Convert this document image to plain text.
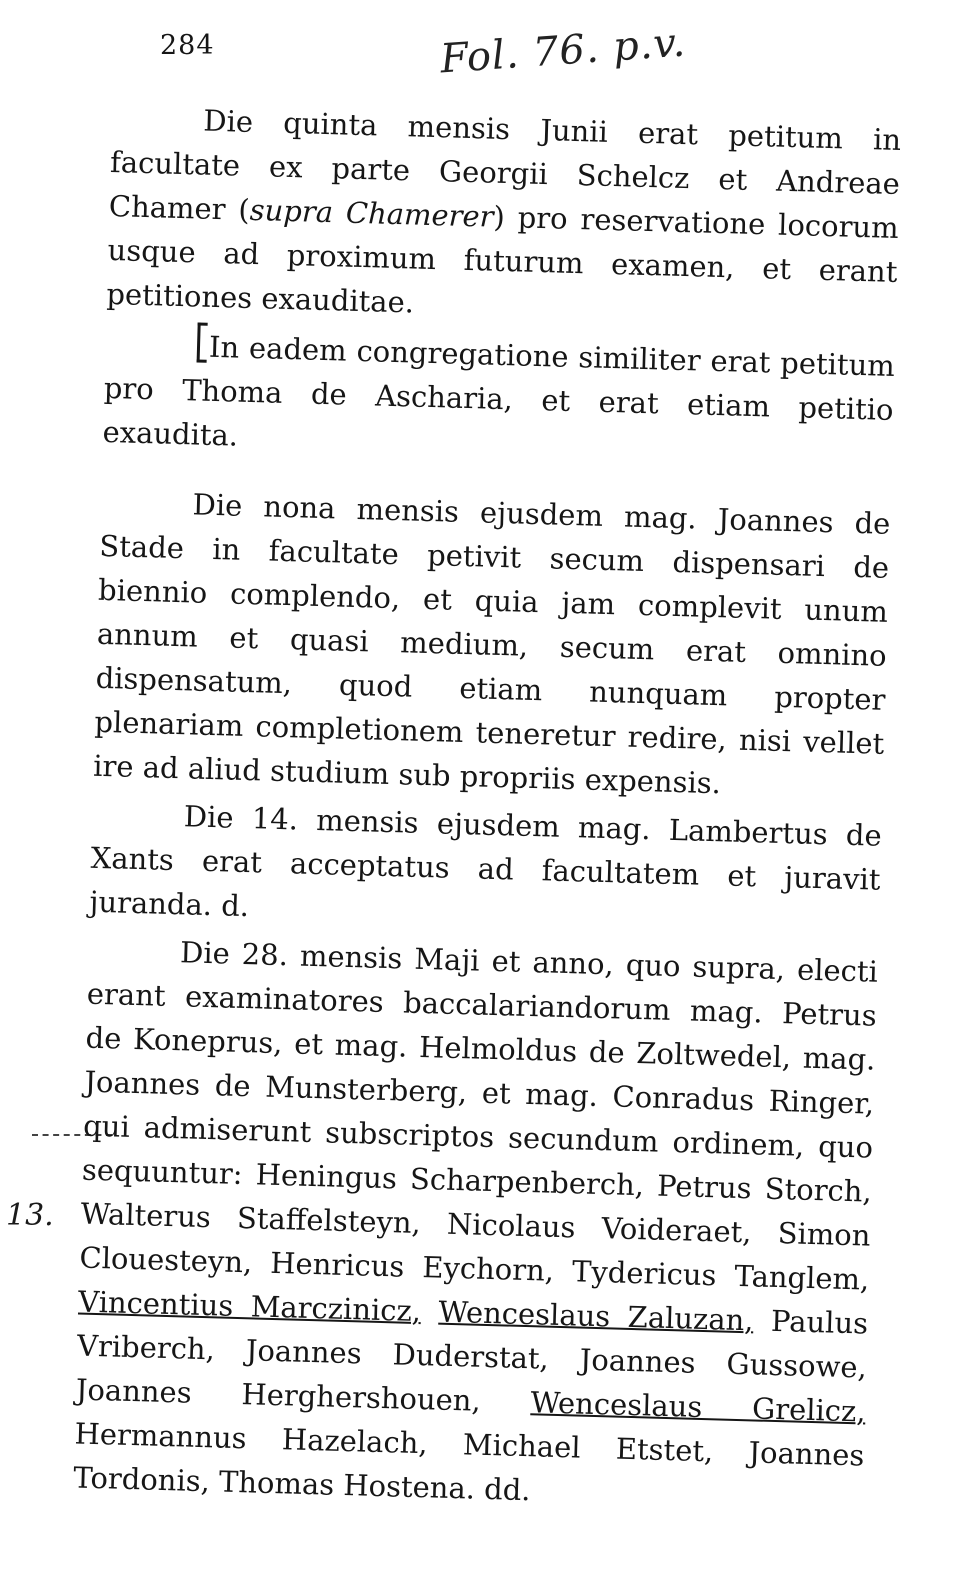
284	Fol. 76. p.v.
13.

Die quinta mensis Junii erat petitum in facultate ex parte Georgii Schelcz et Andreae Chamer (supra Chamerer) pro reservatione locorum usque ad proximum futurum examen, et erant petitiones exauditae.

In eadem congregatione similiter erat petitum pro Thoma de Ascharia, et erat etiam petitio exaudita.

Die nona mensis ejusdem mag. Joannes de Stade in facultate petivit secum dispensari de biennio complendo, et quia jam complevit unum annum et quasi medium, secum erat omnino dispensatum, quod etiam nunquam propter plenariam completionem teneretur redire, nisi vellet ire ad aliud studium sub propriis expensis.

Die 14. mensis ejusdem mag. Lambertus de Xants erat acceptatus ad facultatem et juravit juranda. d.

Die 28. mensis Maji et anno, quo supra, electi erant examinatores baccalariandorum mag. Petrus de Koneprus, et mag. Helmoldus de Zoltwedel, mag. Joannes de Munsterberg, et mag. Conradus Ringer, qui admiserunt subscriptos secundum ordinem, quo sequuntur: Heningus Scharpenberch, Petrus Storch, Walterus Staffelsteyn, Nicolaus Voideraet, Simon Clouesteyn, Henricus Eychorn, Tydericus Tanglem, Vincentius Marczinicz, Wenceslaus Zaluzan, Paulus Vriberch, Joannes Duderstat, Joannes Gussowe, Joannes Herghershouen, Wenceslaus Grelicz, Hermannus Hazelach, Michael Etstet, Joannes Tordonis, Thomas Hostena. dd.
